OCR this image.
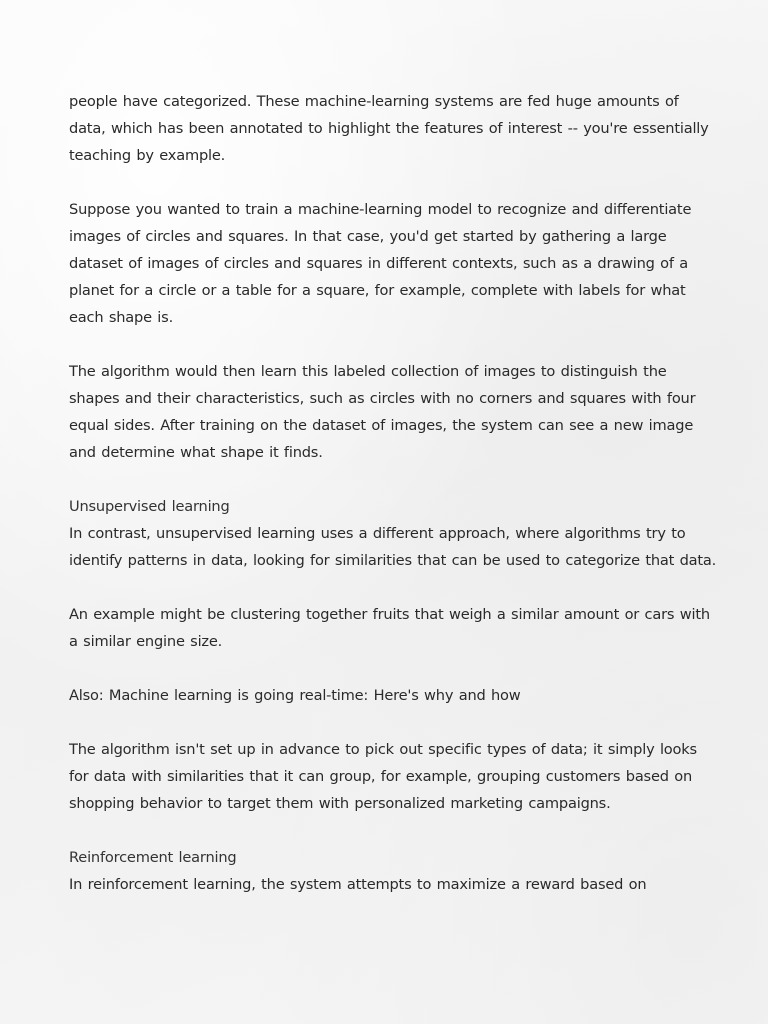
people have categorized. These machine-learning systems are fed huge amounts of data, which has been annotated to highlight the features of interest -- you're essentially teaching by example.

Suppose you wanted to train a machine-learning model to recognize and differentiate images of circles and squares. In that case, you'd get started by gathering a large dataset of images of circles and squares in different contexts, such as a drawing of a planet for a circle or a table for a square, for example, complete with labels for what each shape is.

The algorithm would then learn this labeled collection of images to distinguish the shapes and their characteristics, such as circles with no corners and squares with four equal sides. After training on the dataset of images, the system can see a new image and determine what shape it finds.

Unsupervised learning

In contrast, unsupervised learning uses a different approach, where algorithms try to identify patterns in data, looking for similarities that can be used to categorize that data.

An example might be clustering together fruits that weigh a similar amount or cars with a similar engine size.

Also: Machine learning is going real-time: Here's why and how

The algorithm isn't set up in advance to pick out specific types of data; it simply looks for data with similarities that it can group, for example, grouping customers based on shopping behavior to target them with personalized marketing campaigns.

Reinforcement learning

In reinforcement learning, the system attempts to maximize a reward based on
